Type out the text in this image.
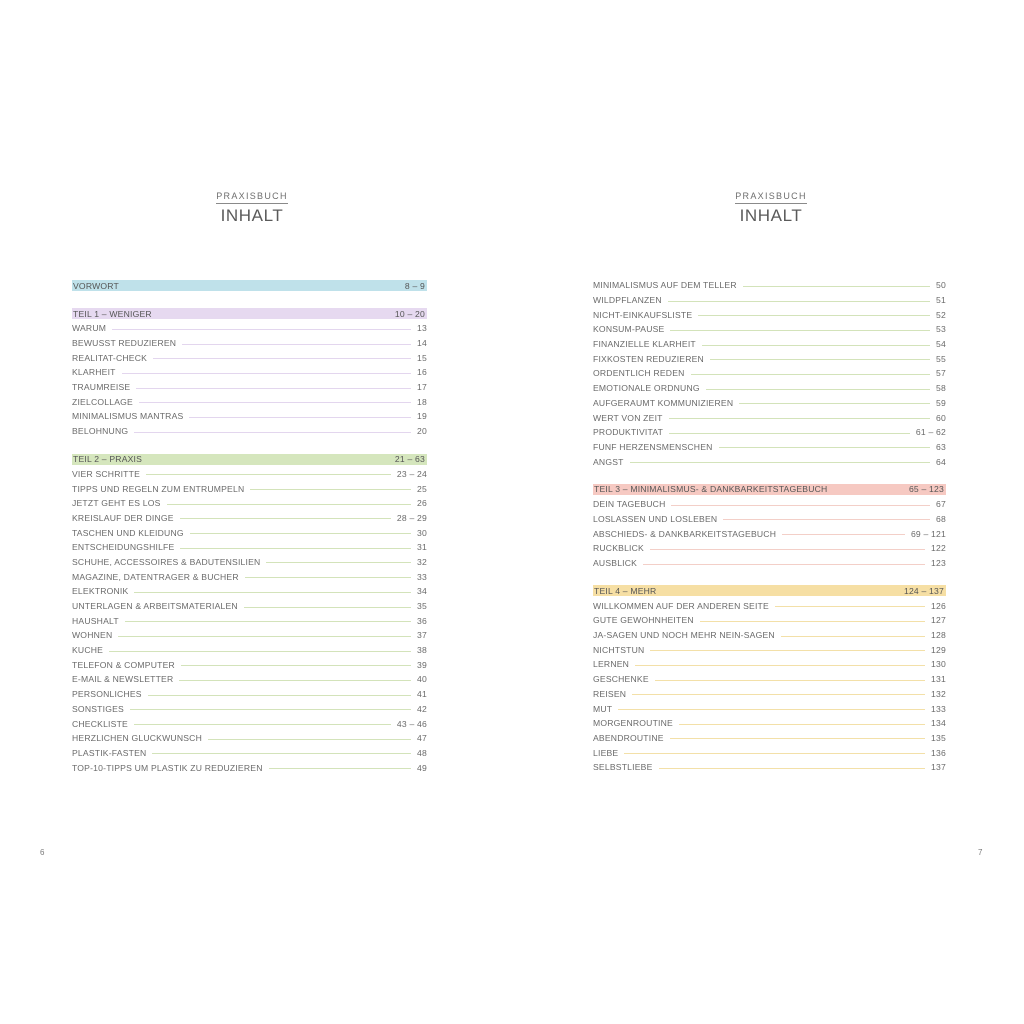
PRAXISBUCH
INHALT
VORWORT	8 – 9
TEIL 1 – WENIGER	10 – 20
WARUM	13
BEWUSST REDUZIEREN	14
REALITAT-CHECK	15
KLARHEIT	16
TRAUMREISE	17
ZIELCOLLAGE	18
MINIMALISMUS MANTRAS	19
BELOHNUNG	20
TEIL 2 – PRAXIS	21 – 63
VIER SCHRITTE	23 – 24
TIPPS UND REGELN ZUM ENTRUMPELN	25
JETZT GEHT ES LOS	26
KREISLAUF DER DINGE	28 – 29
TASCHEN UND KLEIDUNG	30
ENTSCHEIDUNGSHILFE	31
SCHUHE, ACCESSOIRES & BADUTENSILIEN	32
MAGAZINE, DATENTRAGER & BUCHER	33
ELEKTRONIK	34
UNTERLAGEN & ARBEITSMATERIALEN	35
HAUSHALT	36
WOHNEN	37
KUCHE	38
TELEFON & COMPUTER	39
E-MAIL & NEWSLETTER	40
PERSONLICHES	41
SONSTIGES	42
CHECKLISTE	43 – 46
HERZLICHEN GLUCKWUNSCH	47
PLASTIK-FASTEN	48
TOP-10-TIPPS UM PLASTIK ZU REDUZIEREN	49
6
PRAXISBUCH
INHALT
MINIMALISMUS AUF DEM TELLER	50
WILDPFLANZEN	51
NICHT-EINKAUFSLISTE	52
KONSUM-PAUSE	53
FINANZIELLE KLARHEIT	54
FIXKOSTEN REDUZIEREN	55
ORDENTLICH REDEN	57
EMOTIONALE ORDNUNG	58
AUFGERAUMT KOMMUNIZIEREN	59
WERT VON ZEIT	60
PRODUKTIVITAT	61 – 62
FUNF HERZENSMENSCHEN	63
ANGST	64
TEIL 3 – MINIMALISMUS- & DANKBARKEITSTAGEBUCH	65 – 123
DEIN TAGEBUCH	67
LOSLASSEN UND LOSLEBEN	68
ABSCHIEDS- & DANKBARKEITSTAGEBUCH	69 – 121
RUCKBLICK	122
AUSBLICK	123
TEIL 4 – MEHR	124 – 137
WILLKOMMEN AUF DER ANDEREN SEITE	126
GUTE GEWOHNHEITEN	127
JA-SAGEN UND NOCH MEHR NEIN-SAGEN	128
NICHTSTUN	129
LERNEN	130
GESCHENKE	131
REISEN	132
MUT	133
MORGENROUTINE	134
ABENDROUTINE	135
LIEBE	136
SELBSTLIEBE	137
7
